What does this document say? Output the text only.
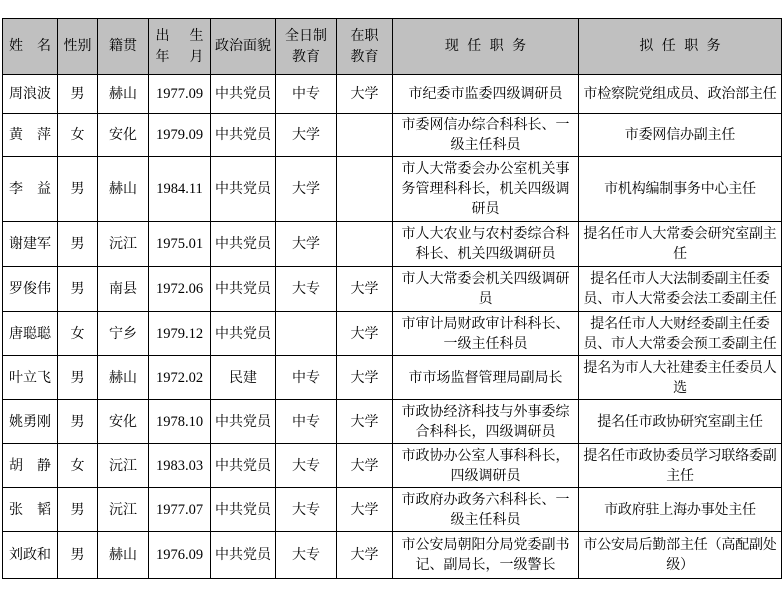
姓　名	性别	籍贯	出 生 年 月	政治面貌	全日制教育	在职教育	现 任 职 务	拟 任 职 务
周浪波	男	赫山	1977.09	中共党员	中专	大学	市纪委市监委四级调研员	市检察院党组成员、政治部主任
黄　萍	女	安化	1979.09	中共党员	大学		市委网信办综合科科长、一级主任科员	市委网信办副主任
李　益	男	赫山	1984.11	中共党员	大学		市人大常委会办公室机关事务管理科科长，机关四级调研员	市机构编制事务中心主任
谢建军	男	沅江	1975.01	中共党员	大学		市人大农业与农村委综合科科长、机关四级调研员	提名任市人大常委会研究室副主任
罗俊伟	男	南县	1972.06	中共党员	大专	大学	市人大常委会机关四级调研员	提名任市人大法制委副主任委员、市人大常委会法工委副主任
唐聪聪	女	宁乡	1979.12	中共党员		大学	市审计局财政审计科科长、一级主任科员	提名任市人大财经委副主任委员、市人大常委会预工委副主任
叶立飞	男	赫山	1972.02	民建	中专	大学	市市场监督管理局副局长	提名为市人大社建委主任委员人选
姚勇刚	男	安化	1978.10	中共党员	中专	大学	市政协经济科技与外事委综合科科长，四级调研员	提名任市政协研究室副主任
胡　静	女	沅江	1983.03	中共党员	大专	大学	市政协办公室人事科科长，四级调研员	提名任市政协委员学习联络委副主任
张　韬	男	沅江	1977.07	中共党员	大专	大学	市政府办政务六科科长、一级主任科员	市政府驻上海办事处主任
刘政和	男	赫山	1976.09	中共党员	大专	大学	市公安局朝阳分局党委副书记、副局长，一级警长	市公安局后勤部主任（高配副处级）
